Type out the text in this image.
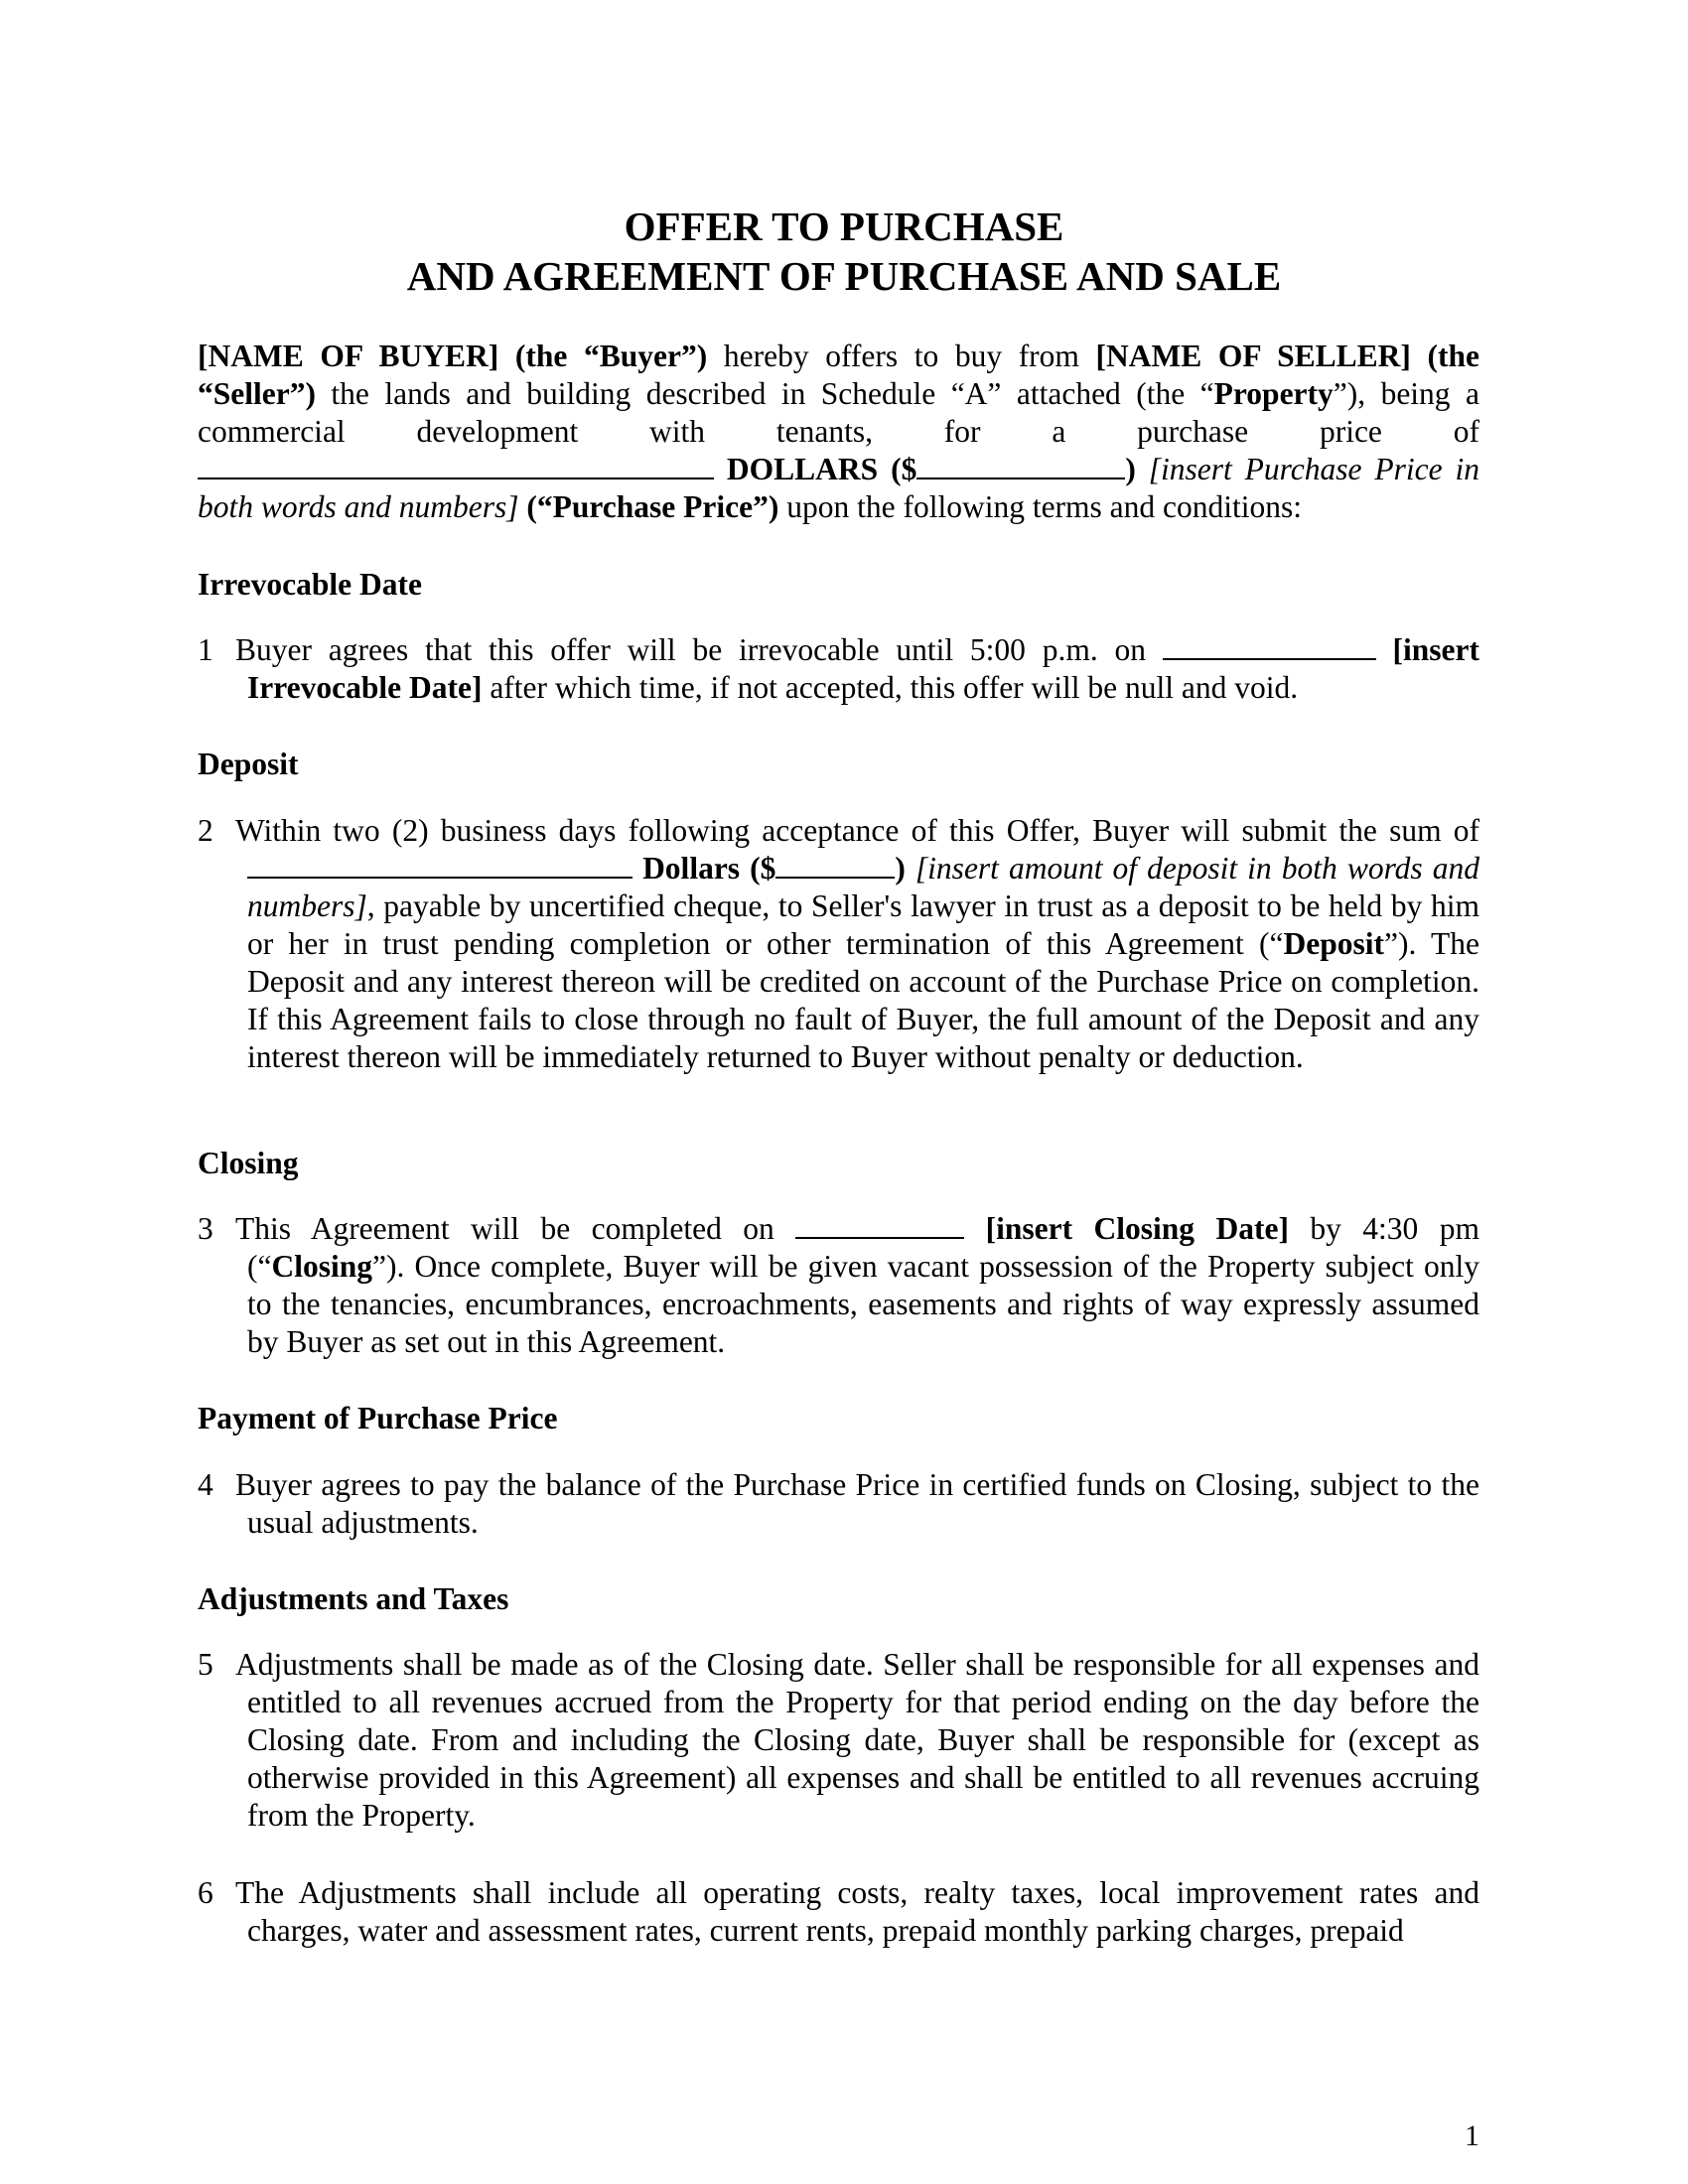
OFFER TO PURCHASE
AND AGREEMENT OF PURCHASE AND SALE

[NAME OF BUYER] (the “Buyer”) hereby offers to buy from [NAME OF SELLER] (the “Seller”) the lands and building described in Schedule “A” attached (the “Property”), being a commercial development with tenants, for a purchase price of  DOLLARS ($	) [insert Purchase Price in both words and numbers] (“Purchase Price”) upon the following terms and conditions:

Irrevocable Date

1 Buyer agrees that this offer will be irrevocable until 5:00 p.m. on	[insert Irrevocable Date] after which time, if not accepted, this offer will be null and void.

Deposit

2 Within two (2) business days following acceptance of this Offer, Buyer will submit the sum of  Dollars ($	) [insert amount of deposit in both words and numbers], payable by uncertified cheque, to Seller's lawyer in trust as a deposit to be held by him or her in trust pending completion or other termination of this Agreement (“Deposit”). The Deposit and any interest thereon will be credited on account of the Purchase Price on completion. If this Agreement fails to close through no fault of Buyer, the full amount of the Deposit and any interest thereon will be immediately returned to Buyer without penalty or deduction.

Closing

3 This Agreement will be completed on	[insert Closing Date] by 4:30 pm (“Closing”). Once complete, Buyer will be given vacant possession of the Property subject only to the tenancies, encumbrances, encroachments, easements and rights of way expressly assumed by Buyer as set out in this Agreement.

Payment of Purchase Price

4 Buyer agrees to pay the balance of the Purchase Price in certified funds on Closing, subject to the usual adjustments.

Adjustments and Taxes

5 Adjustments shall be made as of the Closing date. Seller shall be responsible for all expenses and entitled to all revenues accrued from the Property for that period ending on the day before the Closing date. From and including the Closing date, Buyer shall be responsible for (except as otherwise provided in this Agreement) all expenses and shall be entitled to all revenues accruing from the Property.

6 The Adjustments shall include all operating costs, realty taxes, local improvement rates and charges, water and assessment rates, current rents, prepaid monthly parking charges, prepaid

1
